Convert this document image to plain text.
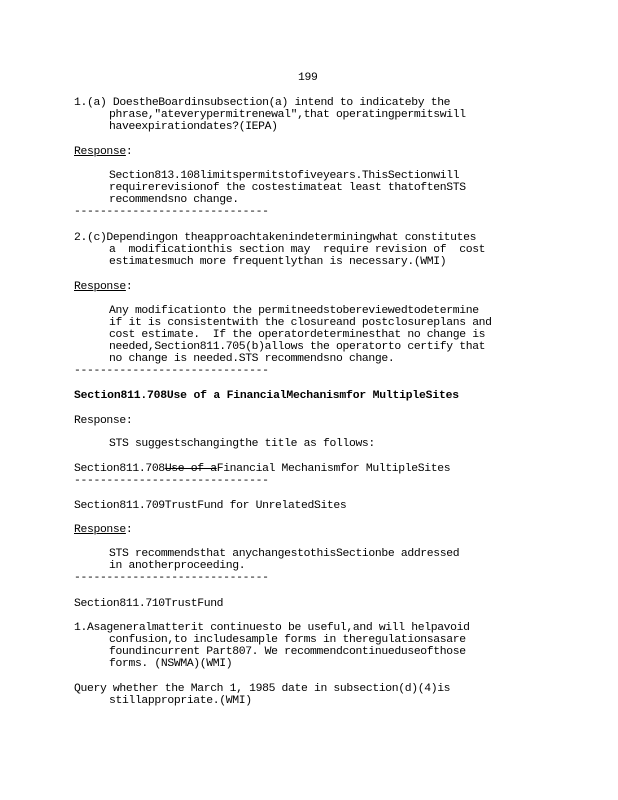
199
1.(a) DoestheBoardinsubsection(a) intend to indicateby the
phrase,"ateverypermitrenewal",that operatingpermitswill
haveexpirationdates?(IEPA)
Response:
Section813.108limitspermitstofiveyears.ThisSectionwill
requirerevisionof the costestimateat least thatoftenSTS
recommendsno change.
------------------------------
2.(c)Dependingon theapproachtakenindeterminingwhat constitutes
a  modificationthis section may  require revision of  cost
estimatesmuch more frequentlythan is necessary.(WMI)
Response:
Any modificationto the permitneedstobereviewedtodetermine
if it is consistentwith the closureand postclosureplans and
cost estimate.  If the operatordeterminesthat no change is
needed,Section811.705(b)allows the operatorto certify that
no change is needed.STS recommendsno change.
------------------------------
Section811.708Use of a FinancialMechanismfor MultipleSites
Response:
STS suggestschangingthe title as follows:
Section811.708Use of aFinancial Mechanismfor MultipleSites
------------------------------
Section811.709TrustFund for UnrelatedSites
Response:
STS recommendsthat anychangestothisSectionbe addressed
in anotherproceeding.
------------------------------
Section811.710TrustFund
1.Asageneralmatterit continuesto be useful,and will helpavoid
confusion,to includesample forms in theregulationsasare
foundincurrent Part807. We recommendcontinueduseofthose
forms. (NSWMA)(WMI)
Query whether the March 1, 1985 date in subsection(d)(4)is
stillappropriate.(WMI)
